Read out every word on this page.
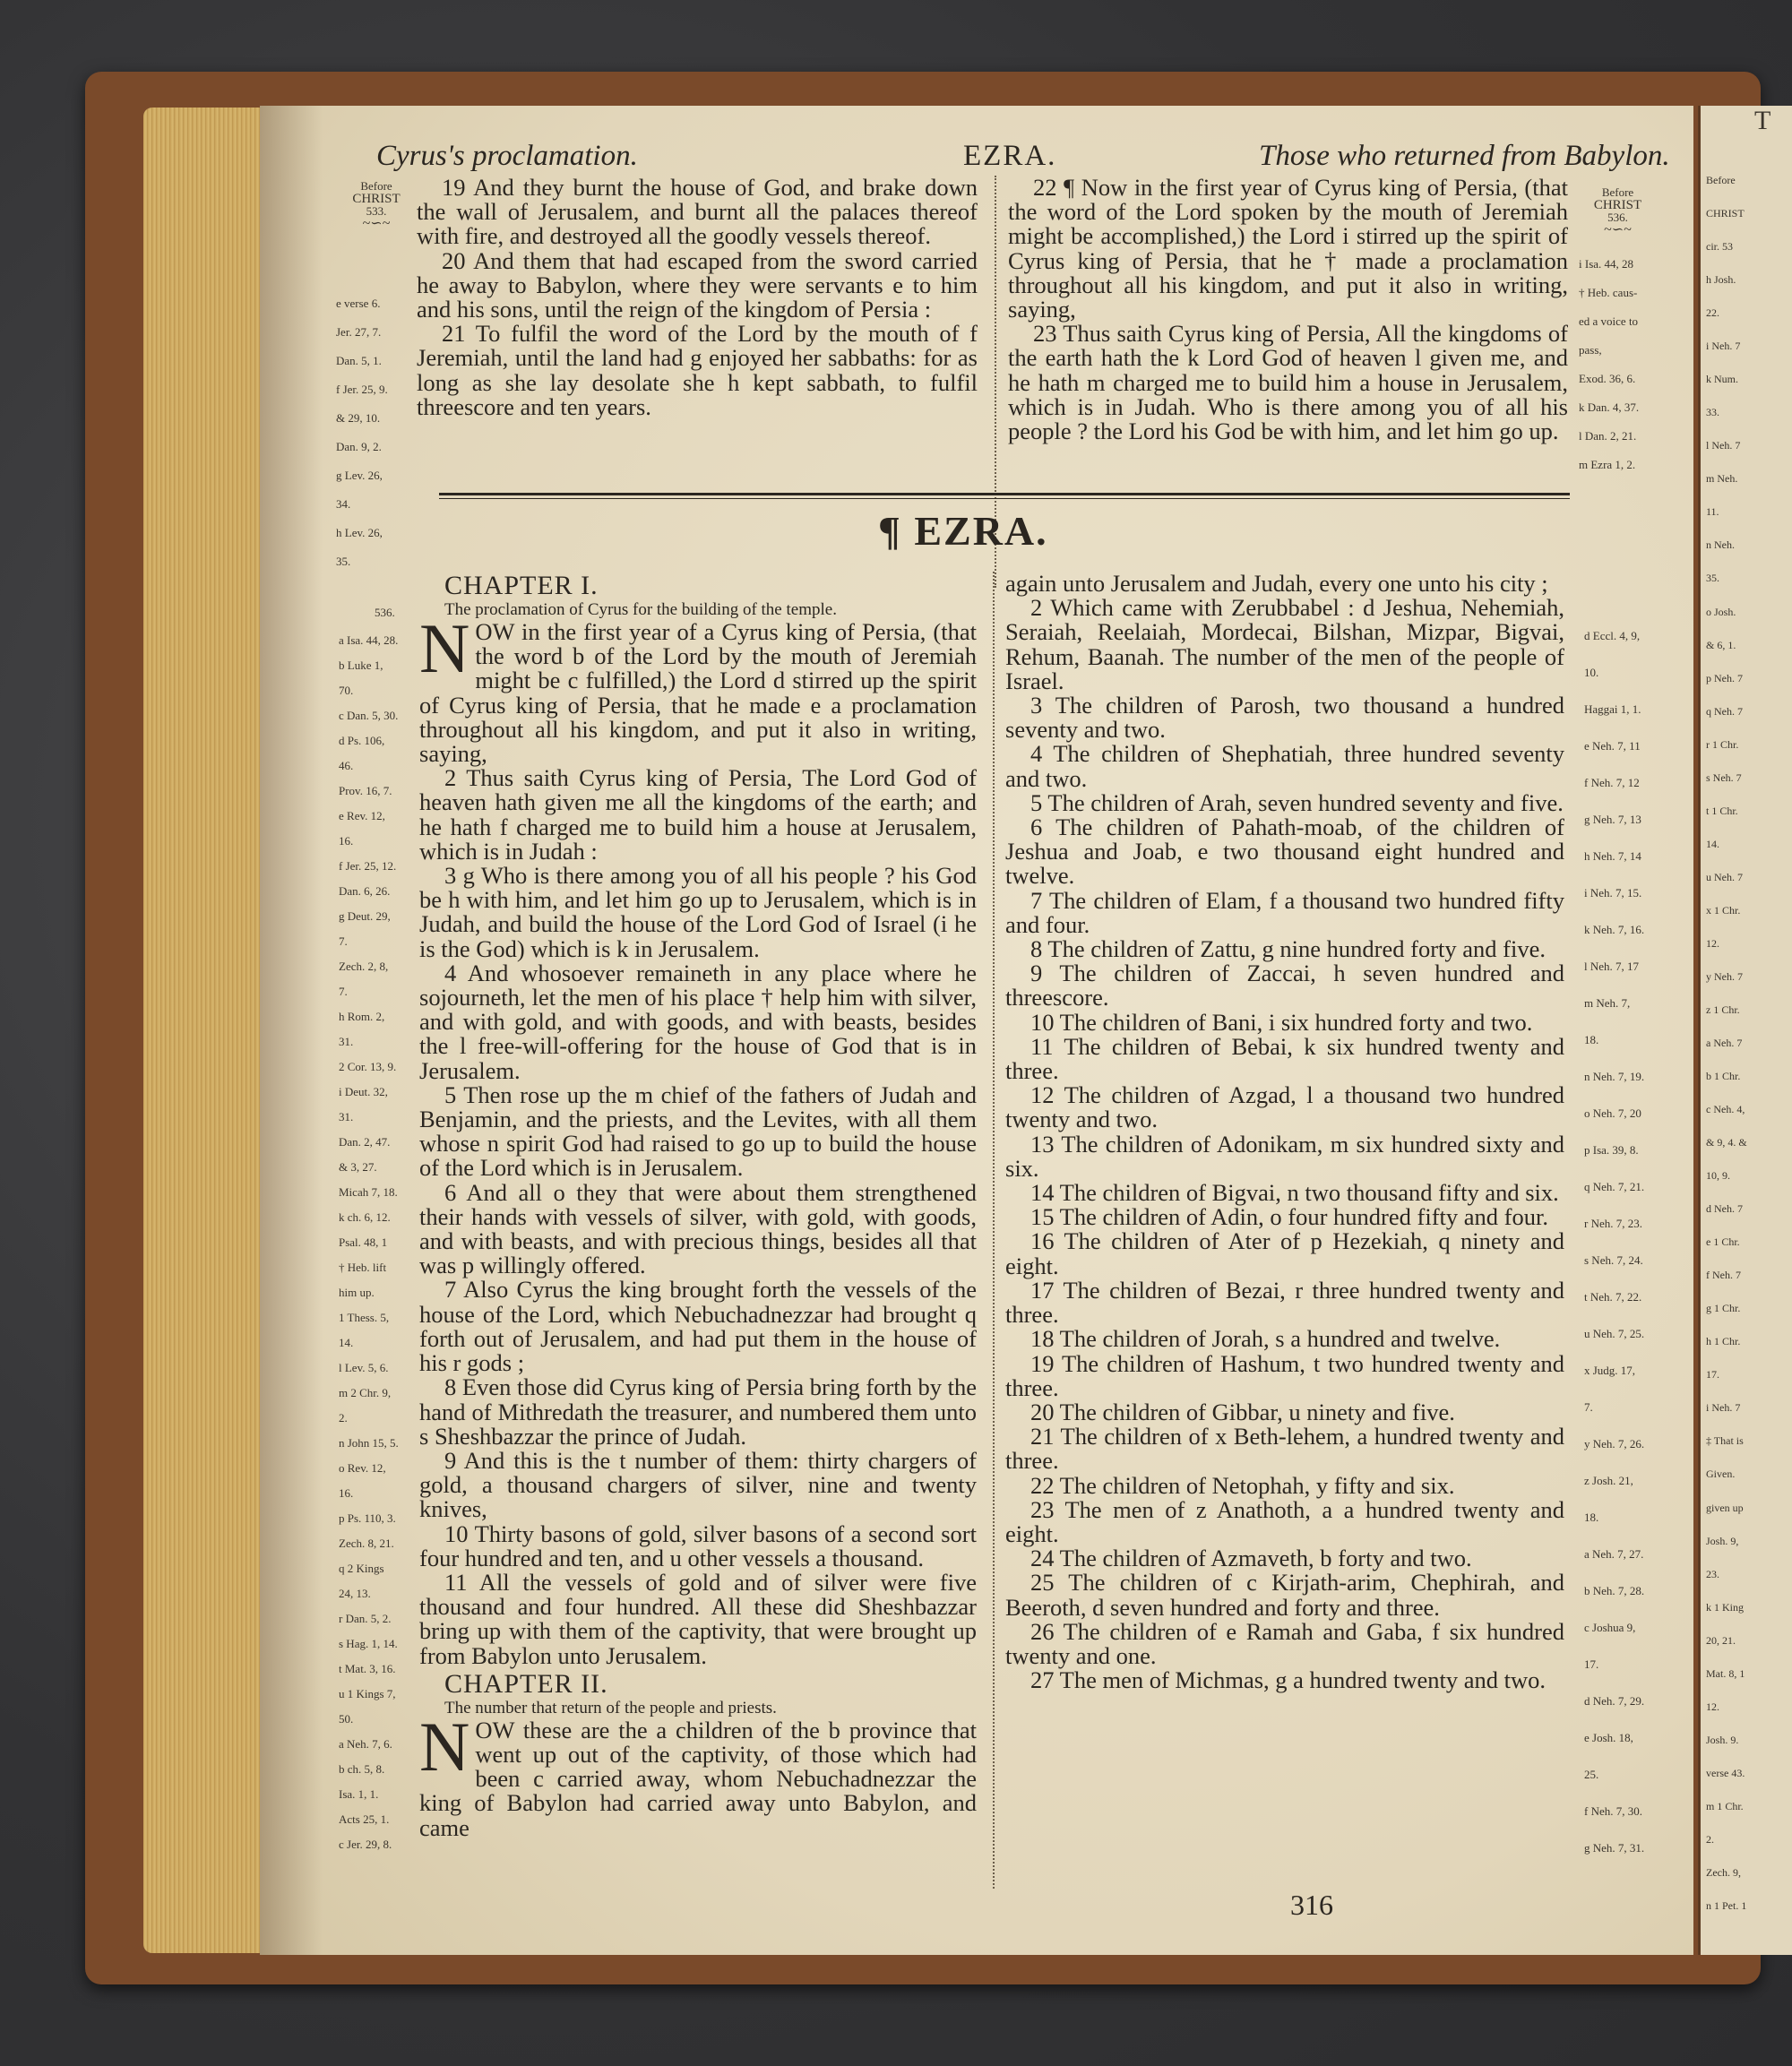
Cyrus's proclamation.	EZRA.	Those who returned from Babylon.
Before
CHRIST
533.
~∽~
e verse 6.
Jer. 27, 7.
Dan. 5, 1.
f Jer. 25, 9.
& 29, 10.
Dan. 9, 2.
g Lev. 26,
34.
h Lev. 26,
35.

19 And they burnt the house of God, and brake down the wall of Jerusalem, and burnt all the palaces thereof with fire, and destroyed all the goodly vessels thereof.

20 And them that had escaped from the sword carried he away to Babylon, where they were servants e to him and his sons, until the reign of the kingdom of Persia :

21 To fulfil the word of the Lord by the mouth of f Jeremiah, until the land had g enjoyed her sabbaths: for as long as she lay desolate she h kept sabbath, to fulfil threescore and ten years.

22 ¶ Now in the first year of Cyrus king of Persia, (that the word of the Lord spoken by the mouth of Jeremiah might be accomplished,) the Lord i stirred up the spirit of Cyrus king of Persia, that he † made a proclamation throughout all his kingdom, and put it also in writing, saying,

23 Thus saith Cyrus king of Persia, All the kingdoms of the earth hath the k Lord God of heaven l given me, and he hath m charged me to build him a house in Jerusalem, which is in Judah. Who is there among you of all his people ? the Lord his God be with him, and let him go up.

Before
CHRIST
536.
~∽~
i Isa. 44, 28
† Heb. caus-
ed a voice to
pass,
Exod. 36, 6.
k Dan. 4, 37.
l Dan. 2, 21.
m Ezra 1, 2.
¶ EZRA.
536.
a Isa. 44, 28.
b Luke 1,
70.
c Dan. 5, 30.
d Ps. 106,
46.
Prov. 16, 7.
e Rev. 12,
16.
f Jer. 25, 12.
Dan. 6, 26.
g Deut. 29,
7.
Zech. 2, 8,
7.
h Rom. 2,
31.
2 Cor. 13, 9.
i Deut. 32,
31.
Dan. 2, 47.
& 3, 27.
Micah 7, 18.
k ch. 6, 12.
Psal. 48, 1
† Heb. lift
him up.
1 Thess. 5,
14.
l Lev. 5, 6.
m 2 Chr. 9,
2.
n John 15, 5.
o Rev. 12,
16.
p Ps. 110, 3.
Zech. 8, 21.
q 2 Kings
24, 13.
r Dan. 5, 2.
s Hag. 1, 14.
t Mat. 3, 16.
u 1 Kings 7,
50.
a Neh. 7, 6.
b ch. 5, 8.
Isa. 1, 1.
Acts 25, 1.
c Jer. 29, 8.

CHAPTER I.

The proclamation of Cyrus for the building of the temple.

NOW in the first year of a Cyrus king of Persia, (that the word b of the Lord by the mouth of Jeremiah might be c fulfilled,) the Lord d stirred up the spirit of Cyrus king of Persia, that he made e a proclamation throughout all his kingdom, and put it also in writing, saying,

2 Thus saith Cyrus king of Persia, The Lord God of heaven hath given me all the kingdoms of the earth; and he hath f charged me to build him a house at Jerusalem, which is in Judah :

3 g Who is there among you of all his people ? his God be h with him, and let him go up to Jerusalem, which is in Judah, and build the house of the Lord God of Israel (i he is the God) which is k in Jerusalem.

4 And whosoever remaineth in any place where he sojourneth, let the men of his place † help him with silver, and with gold, and with goods, and with beasts, besides the l free-will-offering for the house of God that is in Jerusalem.

5 Then rose up the m chief of the fathers of Judah and Benjamin, and the priests, and the Levites, with all them whose n spirit God had raised to go up to build the house of the Lord which is in Jerusalem.

6 And all o they that were about them strengthened their hands with vessels of silver, with gold, with goods, and with beasts, and with precious things, besides all that was p willingly offered.

7 Also Cyrus the king brought forth the vessels of the house of the Lord, which Nebuchadnezzar had brought q forth out of Jerusalem, and had put them in the house of his r gods ;

8 Even those did Cyrus king of Persia bring forth by the hand of Mithredath the treasurer, and numbered them unto s Sheshbazzar the prince of Judah.

9 And this is the t number of them: thirty chargers of gold, a thousand chargers of silver, nine and twenty knives,

10 Thirty basons of gold, silver basons of a second sort four hundred and ten, and u other vessels a thousand.

11 All the vessels of gold and of silver were five thousand and four hundred. All these did Sheshbazzar bring up with them of the captivity, that were brought up from Babylon unto Jerusalem.

CHAPTER II.

The number that return of the people and priests.

NOW these are the a children of the b province that went up out of the captivity, of those which had been c carried away, whom Nebuchadnezzar the king of Babylon had carried away unto Babylon, and came

again unto Jerusalem and Judah, every one unto his city ;

2 Which came with Zerubbabel : d Jeshua, Nehemiah, Seraiah, Reelaiah, Mordecai, Bilshan, Mizpar, Bigvai, Rehum, Baanah. The number of the men of the people of Israel.

3 The children of Parosh, two thousand a hundred seventy and two.

4 The children of Shephatiah, three hundred seventy and two.

5 The children of Arah, seven hundred seventy and five.

6 The children of Pahath-moab, of the children of Jeshua and Joab, e two thousand eight hundred and twelve.

7 The children of Elam, f a thousand two hundred fifty and four.

8 The children of Zattu, g nine hundred forty and five.

9 The children of Zaccai, h seven hundred and threescore.

10 The children of Bani, i six hundred forty and two.

11 The children of Bebai, k six hundred twenty and three.

12 The children of Azgad, l a thousand two hundred twenty and two.

13 The children of Adonikam, m six hundred sixty and six.

14 The children of Bigvai, n two thousand fifty and six.

15 The children of Adin, o four hundred fifty and four.

16 The children of Ater of p Hezekiah, q ninety and eight.

17 The children of Bezai, r three hundred twenty and three.

18 The children of Jorah, s a hundred and twelve.

19 The children of Hashum, t two hundred twenty and three.

20 The children of Gibbar, u ninety and five.

21 The children of x Beth-lehem, a hundred twenty and three.

22 The children of Netophah, y fifty and six.

23 The men of z Anathoth, a a hundred twenty and eight.

24 The children of Azmaveth, b forty and two.

25 The children of c Kirjath-arim, Chephirah, and Beeroth, d seven hundred and forty and three.

26 The children of e Ramah and Gaba, f six hundred twenty and one.

27 The men of Michmas, g a hundred twenty and two.

d Eccl. 4, 9,
10.
Haggai 1, 1.
e Neh. 7, 11
f Neh. 7, 12
g Neh. 7, 13
h Neh. 7, 14
i Neh. 7, 15.
k Neh. 7, 16.
l Neh. 7, 17
m Neh. 7,
18.
n Neh. 7, 19.
o Neh. 7, 20
p Isa. 39, 8.
q Neh. 7, 21.
r Neh. 7, 23.
s Neh. 7, 24.
t Neh. 7, 22.
u Neh. 7, 25.
x Judg. 17,
7.
y Neh. 7, 26.
z Josh. 21,
18.
a Neh. 7, 27.
b Neh. 7, 28.
c Joshua 9,
17.
d Neh. 7, 29.
e Josh. 18,
25.
f Neh. 7, 30.
g Neh. 7, 31.
316
T
Before
CHRIST
cir. 53
h Josh.
22.
i Neh. 7
k Num.
33.
l Neh. 7
m Neh.
11.
n Neh.
35.
o Josh.
& 6, 1.
p Neh. 7
q Neh. 7
r 1 Chr.
s Neh. 7
t 1 Chr.
14.
u Neh. 7
x 1 Chr.
12.
y Neh. 7
z 1 Chr.
a Neh. 7
b 1 Chr.
c Neh. 4,
& 9, 4. &
10, 9.
d Neh. 7
e 1 Chr.
f Neh. 7
g 1 Chr.
h 1 Chr.
17.
i Neh. 7
‡ That is
Given.
given up
Josh. 9,
23.
k 1 King
20, 21.
Mat. 8, 1
12.
Josh. 9.
verse 43.
m 1 Chr.
2.
Zech. 9,
n 1 Pet. 1
